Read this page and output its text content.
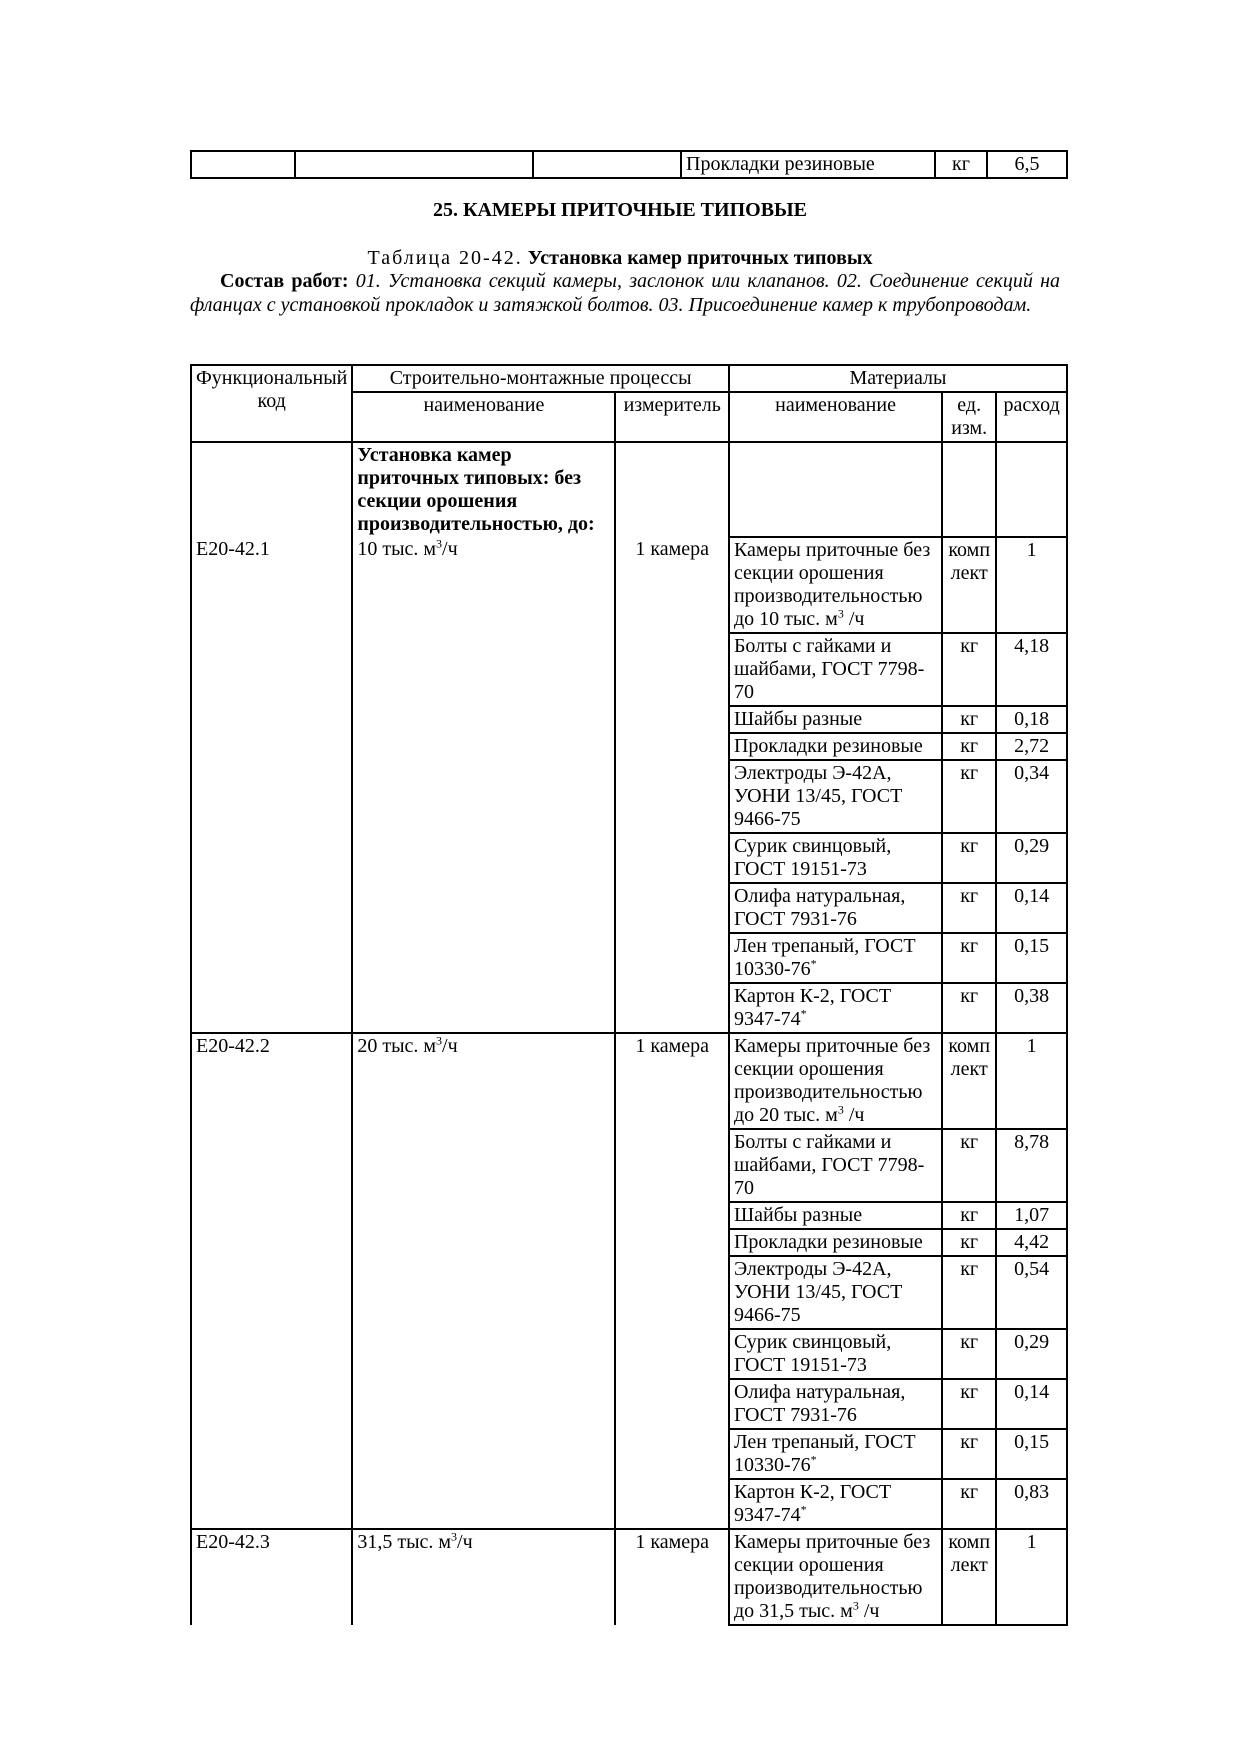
			Прокладки резиновые	кг	6,5
25. КАМЕРЫ ПРИТОЧНЫЕ ТИПОВЫЕ
Таблица 20-42. Установка камер приточных типовых
Состав работ: 01. Установка секций камеры, заслонок или клапанов. 02. Соединение секций на фланцах с установкой прокладок и затяжкой болтов. 03. Присоединение камер к трубопроводам.
Функциональный код	Строительно-монтажные процессы		Материалы		
	наименование	измеритель	наименование	ед. изм.	расход
	Установка камер приточных типовых: без секции орошения производительностью, до:				
Е20-42.1	10 тыс. $м^3/ч$	1 камера	Камеры приточные без секции орошения производительностью до 10 тыс. $м^3$ /ч	комплект	1
			Болты с гайками и шайбами, ГОСТ 7798-70	кг	4,18
			Шайбы разные	кг	0,18
			Прокладки резиновые	кг	2,72
			Электроды Э-42А, УОНИ 13/45, ГОСТ 9466-75	кг	0,34
			Сурик свинцовый, ГОСТ 19151-73	кг	0,29
			Олифа натуральная, ГОСТ 7931-76	кг	0,14
			Лен трепаный, ГОСТ 10330-76*	кг	0,15
			Картон К-2, ГОСТ 9347-74*	кг	0,38
Е20-42.2	20 тыс. $м^3/ч$	1 камера	Камеры приточные без секции орошения производительностью до 20 тыс. $м^3$ /ч	комплект	1
			Болты с гайками и шайбами, ГОСТ 7798-70	кг	8,78
			Шайбы разные	кг	1,07
			Прокладки резиновые	кг	4,42
			Электроды Э-42А, УОНИ 13/45, ГОСТ 9466-75	кг	0,54
			Сурик свинцовый, ГОСТ 19151-73	кг	0,29
			Олифа натуральная, ГОСТ 7931-76	кг	0,14
			Лен трепаный, ГОСТ 10330-76*	кг	0,15
			Картон К-2, ГОСТ 9347-74*	кг	0,83
Е20-42.3	31,5 тыс. $м^3/ч$	1 камера	Камеры приточные без секции орошения производительностью до 31,5 тыс. $м^3$ /ч	комплект	1
